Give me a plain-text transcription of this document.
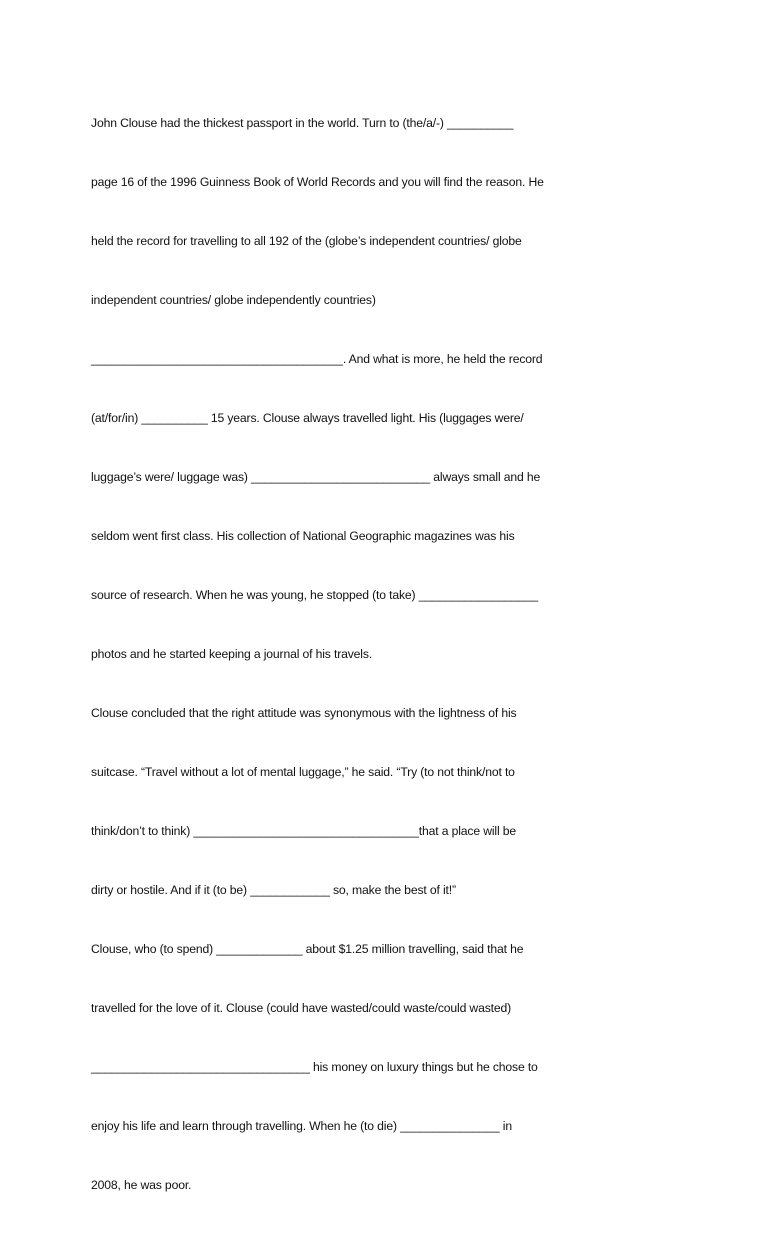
John Clouse had the thickest passport in the world. Turn to (the/a/-) __________

page 16 of the 1996 Guinness Book of World Records and you will find the reason. He

held the record for travelling to all 192 of the (globe’s independent countries/ globe

independent countries/ globe independently countries)

______________________________________. And what is more, he held the record

(at/for/in) __________ 15 years. Clouse always travelled light. His (luggages were/

luggage’s were/ luggage was) ___________________________ always small and he

seldom went first class. His collection of National Geographic magazines was his

source of research. When he was young, he stopped (to take) __________________

photos and he started keeping a journal of his travels.

Clouse concluded that the right attitude was synonymous with the lightness of his

suitcase. “Travel without a lot of mental luggage,” he said. “Try (to not think/not to

think/don’t to think) __________________________________that a place will be

dirty or hostile. And if it (to be) ____________ so, make the best of it!”

Clouse, who (to spend) _____________ about $1.25 million travelling, said that he

travelled for the love of it. Clouse (could have wasted/could waste/could wasted)

_________________________________ his money on luxury things but he chose to

enjoy his life and learn through travelling. When he (to die) _______________ in

2008, he was poor.
